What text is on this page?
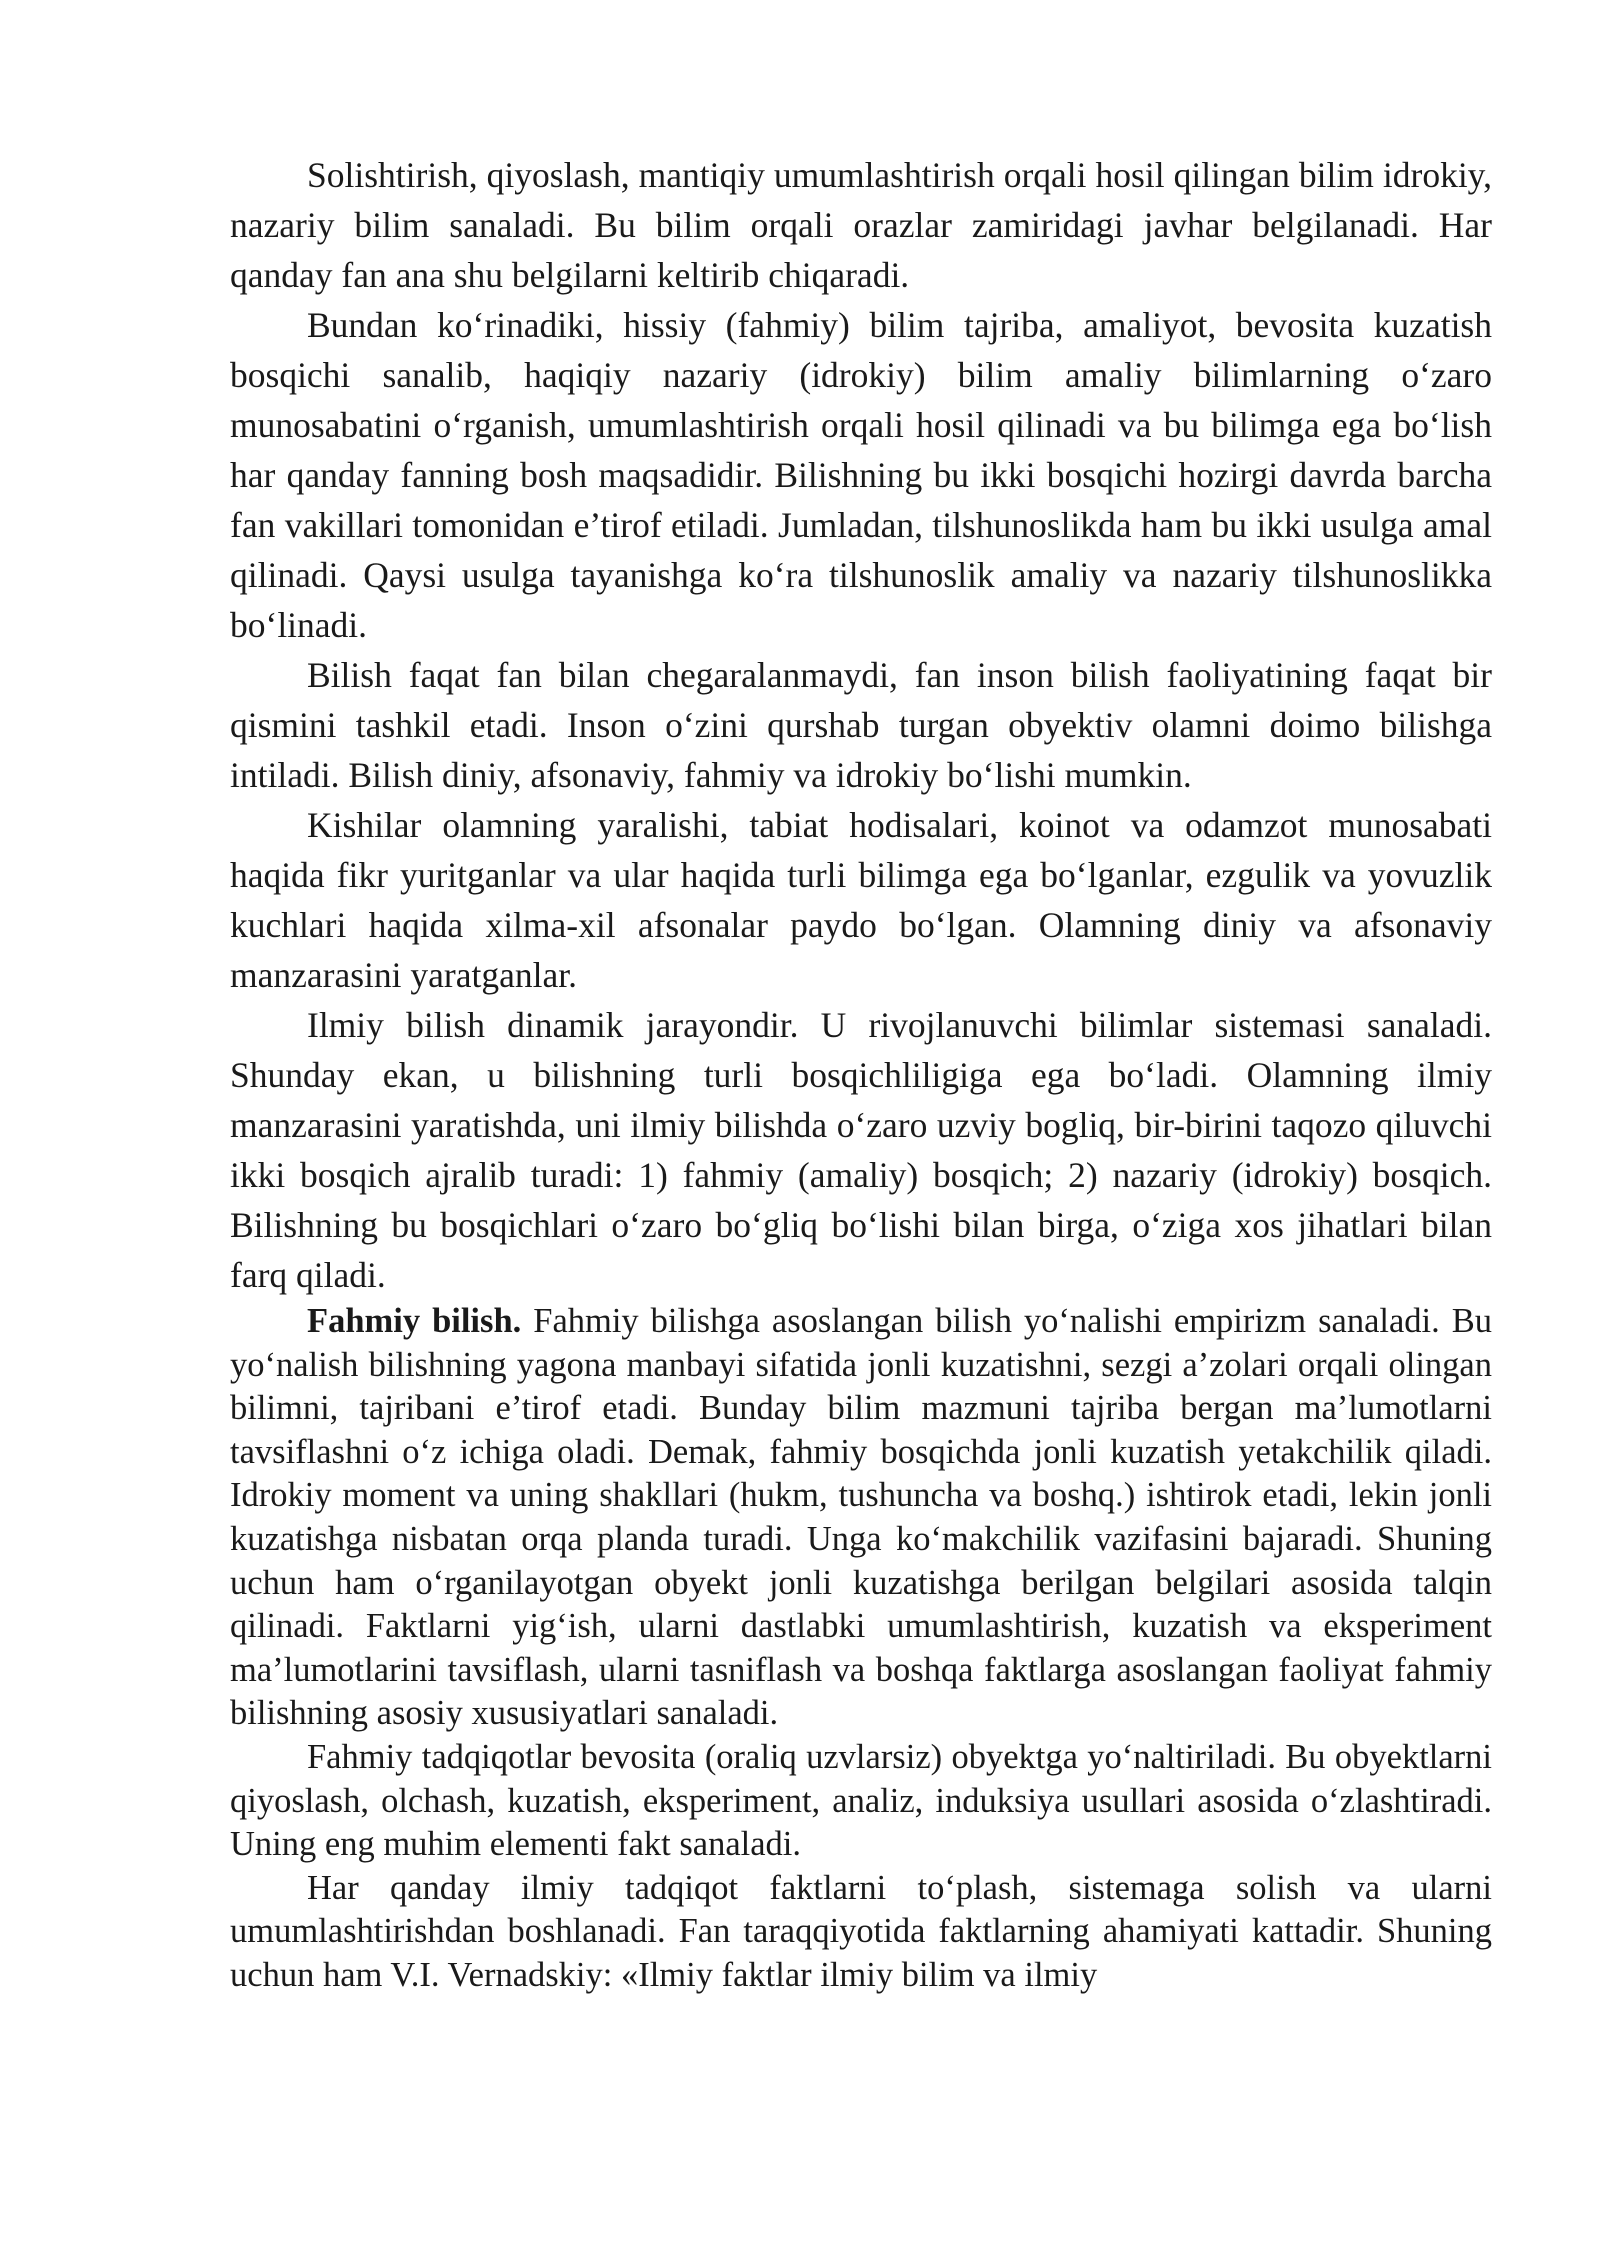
Solishtirish, qiyoslash, mantiqiy umumlashtirish orqali hosil qilingan bilim idrokiy, nazariy bilim sanaladi. Bu bilim orqali orazlar zamiridagi javhar belgilanadi. Har qanday fan ana shu belgilarni keltirib chiqaradi.

Bundan ko‘rinadiki, hissiy (fahmiy) bilim tajriba, amaliyot, bevosita kuzatish bosqichi sanalib, haqiqiy nazariy (idrokiy) bilim amaliy bilimlarning o‘zaro munosabatini o‘rganish, umumlashtirish orqali hosil qilinadi va bu bilimga ega bo‘lish har qanday fanning bosh maqsadidir. Bilishning bu ikki bosqichi hozirgi davrda barcha fan vakillari tomonidan e’tirof etiladi. Jumladan, tilshunoslikda ham bu ikki usulga amal qilinadi. Qaysi usulga tayanishga ko‘ra tilshunoslik amaliy va nazariy tilshunoslikka bo‘linadi.

Bilish faqat fan bilan chegaralanmaydi, fan inson bilish faoliyatining faqat bir qismini tashkil etadi. Inson o‘zini qurshab turgan obyektiv olamni doimo bilishga intiladi. Bilish diniy, afsonaviy, fahmiy va idrokiy bo‘lishi mumkin.

Kishilar olamning yaralishi, tabiat hodisalari, koinot va odamzot munosabati haqida fikr yuritganlar va ular haqida turli bilimga ega bo‘lganlar, ezgulik va yovuzlik kuchlari haqida xilma-xil afsonalar paydo bo‘lgan. Olamning diniy va afsonaviy manzarasini yaratganlar.

Ilmiy bilish dinamik jarayondir. U rivojlanuvchi bilimlar sistemasi sanaladi. Shunday ekan, u bilishning turli bosqichliligiga ega bo‘ladi. Olamning ilmiy manzarasini yaratishda, uni ilmiy bilishda o‘zaro uzviy bogliq, bir-birini taqozo qiluvchi ikki bosqich ajralib turadi: 1) fahmiy (amaliy) bosqich; 2) nazariy (idrokiy) bosqich. Bilishning bu bosqichlari o‘zaro bo‘gliq bo‘lishi bilan birga, o‘ziga xos jihatlari bilan farq qiladi.

Fahmiy bilish. Fahmiy bilishga asoslangan bilish yo‘nalishi empirizm sanaladi. Bu yo‘nalish bilishning yagona manbayi sifatida jonli kuzatishni, sezgi a’zolari orqali olingan bilimni, tajribani e’tirof etadi. Bunday bilim mazmuni tajriba bergan ma’lumotlarni tavsiflashni o‘z ichiga oladi. Demak, fahmiy bosqichda jonli kuzatish yetakchilik qiladi. Idrokiy moment va uning shakllari (hukm, tushuncha va boshq.) ishtirok etadi, lekin jonli kuzatishga nisbatan orqa planda turadi. Unga ko‘makchilik vazifasini bajaradi. Shuning uchun ham o‘rganilayotgan obyekt jonli kuzatishga berilgan belgilari asosida talqin qilinadi. Faktlarni yig‘ish, ularni dastlabki umumlashtirish, kuzatish va eksperiment ma’lumotlarini tavsiflash, ularni tasniflash va boshqa faktlarga asoslangan faoliyat fahmiy bilishning asosiy xususiyatlari sanaladi.

Fahmiy tadqiqotlar bevosita (oraliq uzvlarsiz) obyektga yo‘naltiriladi. Bu obyektlarni qiyoslash, olchash, kuzatish, eksperiment, analiz, induksiya usullari asosida o‘zlashtiradi. Uning eng muhim elementi fakt sanaladi.

Har qanday ilmiy tadqiqot faktlarni to‘plash, sistemaga solish va ularni umumlashtirishdan boshlanadi. Fan taraqqiyotida faktlarning ahamiyati kattadir. Shuning uchun ham V.I. Vernadskiy: «Ilmiy faktlar ilmiy bilim va ilmiy
